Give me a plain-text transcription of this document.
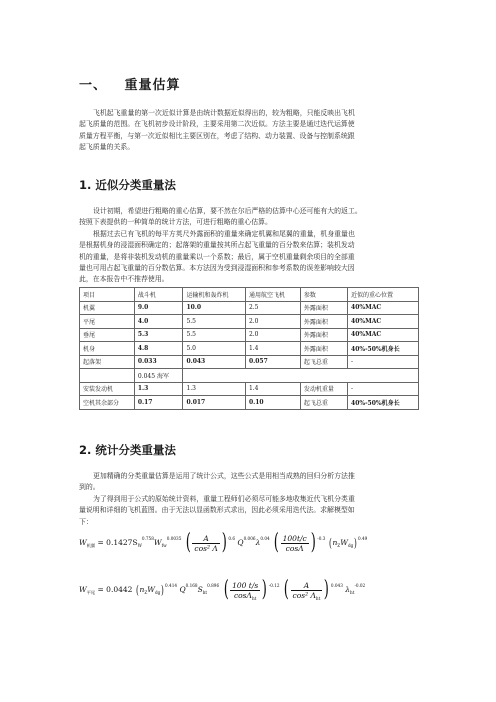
一、 重量估算
飞机起飞重量的第一次近似计算是由统计数据近似得出的，较为粗略，只能反映出飞机
起飞质量的范围。在飞机初步设计阶段，主要采用第二次近似。方法主要是通过迭代运算使
质量方程平衡，与第一次近似相比主要区别在，考虑了结构、动力装置、设备与控制系统跟
起飞质量的关系。
1. 近似分类重量法
设计初期，希望进行粗略的重心估算，要不然在尔后严格的估算中心还可能有大的返工。
按照下表提供的一种简单的统计方法，可进行粗略的重心估算。
根据过去已有飞机的每平方英尺外露面积的重量来确定机翼和尾翼的重量，机身重量也
是根据机身的浸湿面积确定的；起落架的重量按其所占起飞重量的百分数来估算；装机发动
机的重量，是将非装机发动机的重量乘以一个系数；最后，属于空机重量剩余项目的全部重
量也可用占起飞重量的百分数估算。本方法因为受到浸湿面积和参考系数的误差影响较大因
此，在本报告中不推荐使用。
项目	战斗机	运输机和轰炸机	通用航空飞机	参数	近似的重心位置
机翼	9.0	10.0	2.5	外露面积	40%MAC
平尾	4.0	5.5	2.0	外露面积	40%MAC
垂尾	5.3	5.5	2.0	外露面积	40%MAC
机身	4.8	5.0	1.4	外露面积	40%-50%机身长
起落架	0.033	0.043	0.057	起飞总重	-
	0.045 海军				
安装发动机	1.3	1.3	1.4	发动机重量	-
空机其余部分	0.17	0.017	0.10	起飞总重	40%-50%机身长
2. 统计分类重量法
更加精确的分类重量估算是运用了统计公式，这些公式是用相当成熟的回归分析方法推
到的。
为了得到用于公式的原始统计资料，重量工程师们必须尽可能多地收集近代飞机分类重
量说明和详细的飞机蓝图。由于无法以显函数形式求出，因此必须采用迭代法。求解模型如
下：
$W_{机翼} = 0.1427S_W^{0.758}W_{fw}^{0.0035}$ ( $\frac{A}{\text{cos² Λ}}$ ) $^{0.6}$ $Q^{0.006}\lambda^{0.04}$ ( $\frac{100t/c}{\cos\Lambda}$ ) $^{-0.3}$ $(n_ZW_{dg})^{0.49}$
$W_{平尾} = 0.0442$ $(n_ZW_{dg})^{0.414}$ $Q^{0.168}S_{ht}^{0.896}$ ( $\frac{100 t/s}{\cos\Lambda_{ht}}$ ) $^{-0.12}$ ( $\frac{A}{\cos^2 \Lambda_{ht}}$ ) $^{0.043}$ $\lambda_{ht}^{-0.02}$
